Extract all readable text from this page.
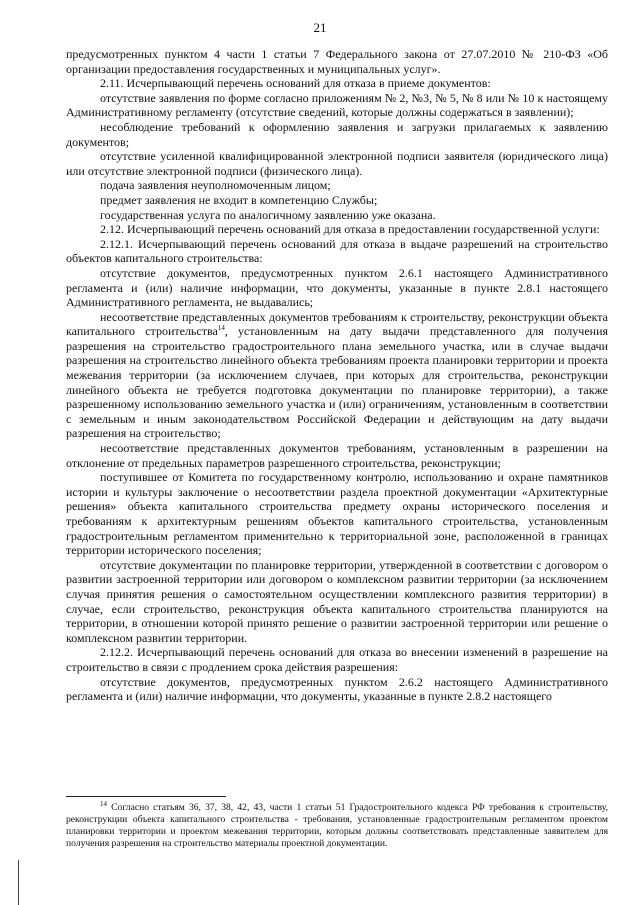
21

предусмотренных пунктом 4 части 1 статьи 7 Федерального закона от 27.07.2010 № 210-ФЗ «Об организации предоставления государственных и муниципальных услуг».

2.11. Исчерпывающий перечень оснований для отказа в приеме документов:

отсутствие заявления по форме согласно приложениям № 2, №3, № 5, № 8 или № 10 к настоящему Административному регламенту (отсутствие сведений, которые должны содержаться в заявлении);

несоблюдение требований к оформлению заявления и загрузки прилагаемых к заявлению документов;

отсутствие усиленной квалифицированной электронной подписи заявителя (юридического лица) или отсутствие электронной подписи (физического лица).

подача заявления неуполномоченным лицом;

предмет заявления не входит в компетенцию Службы;

государственная услуга по аналогичному заявлению уже оказана.

2.12. Исчерпывающий перечень оснований для отказа в предоставлении государственной услуги:

2.12.1. Исчерпывающий перечень оснований для отказа в выдаче разрешений на строительство объектов капитального строительства:

отсутствие документов, предусмотренных пунктом 2.6.1 настоящего Административного регламента и (или) наличие информации, что документы, указанные в пункте 2.8.1 настоящего Административного регламента, не выдавались;

несоответствие представленных документов требованиям к строительству, реконструкции объекта капитального строительства$^{14}$, установленным на дату выдачи представленного для получения разрешения на строительство градостроительного плана земельного участка, или в случае выдачи разрешения на строительство линейного объекта требованиям проекта планировки территории и проекта межевания территории (за исключением случаев, при которых для строительства, реконструкции линейного объекта не требуется подготовка документации по планировке территории), а также разрешенному использованию земельного участка и (или) ограничениям, установленным в соответствии с земельным и иным законодательством Российской Федерации и действующим на дату выдачи разрешения на строительство;

несоответствие представленных документов требованиям, установленным в разрешении на отклонение от предельных параметров разрешенного строительства, реконструкции;

поступившее от Комитета по государственному контролю, использованию и охране памятников истории и культуры заключение о несоответствии раздела проектной документации «Архитектурные решения» объекта капитального строительства предмету охраны исторического поселения и требованиям к архитектурным решениям объектов капитального строительства, установленным градостроительным регламентом применительно к территориальной зоне, расположенной в границах территории исторического поселения;

отсутствие документации по планировке территории, утвержденной в соответствии с договором о развитии застроенной территории или договором о комплексном развитии территории (за исключением случая принятия решения о самостоятельном осуществлении комплексного развития территории) в случае, если строительство, реконструкция объекта капитального строительства планируются на территории, в отношении которой принято решение о развитии застроенной территории или решение о комплексном развитии территории.

2.12.2. Исчерпывающий перечень оснований для отказа во внесении изменений в разрешение на строительство в связи с продлением срока действия разрешения:

отсутствие документов, предусмотренных пунктом 2.6.2 настоящего Административного регламента и (или) наличие информации, что документы, указанные в пункте 2.8.2 настоящего

$^{14}$ Согласно статьям 36, 37, 38, 42, 43, части 1 статьи 51 Градостроительного кодекса РФ требования к строительству, реконструкции объекта капитального строительства - требования, установленные градостроительным регламентом проектом планировки территории и проектом межевания территории, которым должны соответствовать представленные заявителем для получения разрешения на строительство материалы проектной документации.
